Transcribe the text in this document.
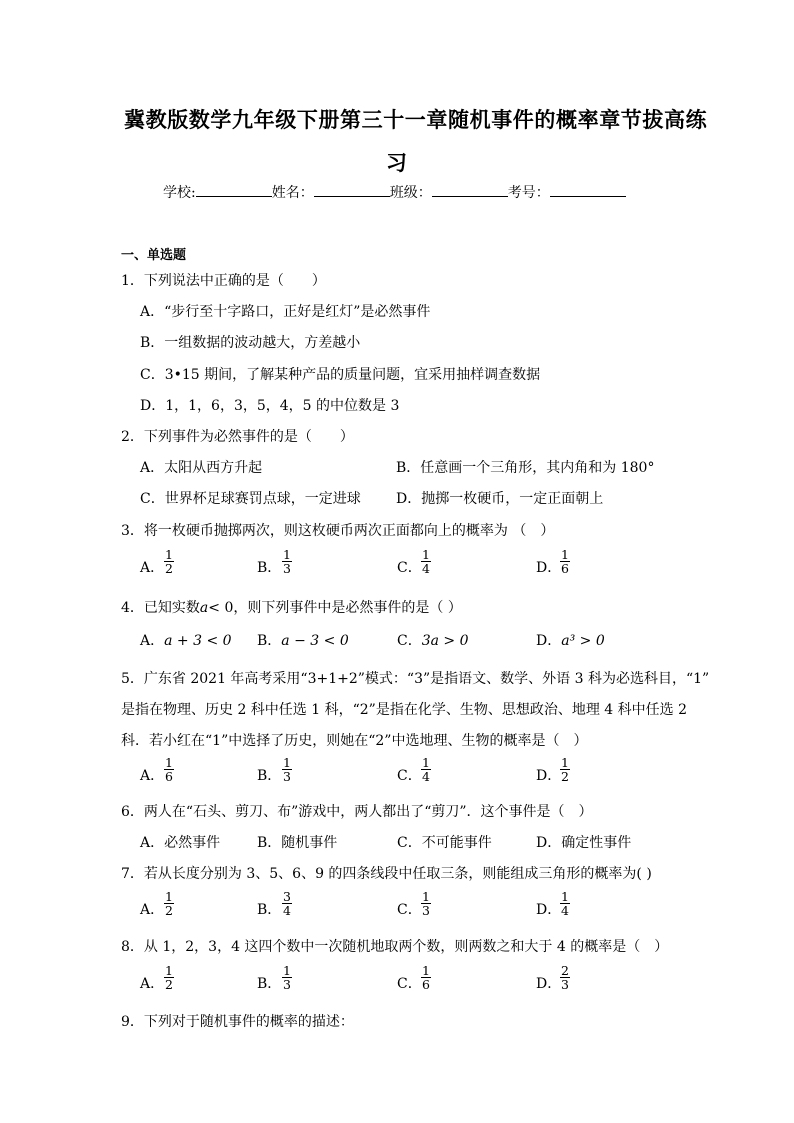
冀教版数学九年级下册第三十一章随机事件的概率章节拔高练
习
学校:	姓名：	班级：	考号：
一、单选题
1．下列说法中正确的是（　　）
A．“步行至十字路口，正好是红灯”是必然事件
B．一组数据的波动越大，方差越小
C．3•15 期间，了解某种产品的质量问题，宜采用抽样调查数据
D．1，1，6，3，5，4，5 的中位数是 3
2．下列事件为必然事件的是（　　）
A．太阳从西方升起	B．任意画一个三角形，其内角和为 180°
C．世界杯足球赛罚点球，一定进球	D．抛掷一枚硬币，一定正面朝上
3．将一枚硬币抛掷两次，则这枚硬币两次正面都向上的概率为 （　）
A． $\frac{1}{2}$	B． $\frac{1}{3}$	C． $\frac{1}{4}$	D．
$\frac{1}{6}$
4．已知实数a< 0，则下列事件中是必然事件的是（ ）
A．a + 3 < 0 B．a − 3 < 0	C．3a > 0	D．a³ > 0
5．广东省 2021 年高考采用“3+1+2”模式：“3”是指语文、数学、外语 3 科为必选科目，“1”
是指在物理、历史 2 科中任选 1 科，“2”是指在化学、生物、思想政治、地理 4 科中任选 2
科．若小红在“1”中选择了历史，则她在“2”中选地理、生物的概率是（　）
A． $\frac{1}{6}$	B． $\frac{1}{3}$	C． $\frac{1}{4}$	D．
$\frac{1}{2}$
6．两人在“石头、剪刀、布”游戏中，两人都出了“剪刀”．这个事件是（　）
A．必然事件	B．随机事件	C．不可能事件	D．确定性事件
7．若从长度分别为 3、5、6、9 的四条线段中任取三条，则能组成三角形的概率为( )
A． $\frac{1}{2}$	B． $\frac{3}{4}$	C． $\frac{1}{3}$	D．
$\frac{1}{4}$
8．从 1，2，3，4 这四个数中一次随机地取两个数，则两数之和大于 4 的概率是（　）
A． $\frac{1}{2}$	B． $\frac{1}{3}$	C． $\frac{1}{6}$	D．
$\frac{2}{3}$
9．下列对于随机事件的概率的描述：
